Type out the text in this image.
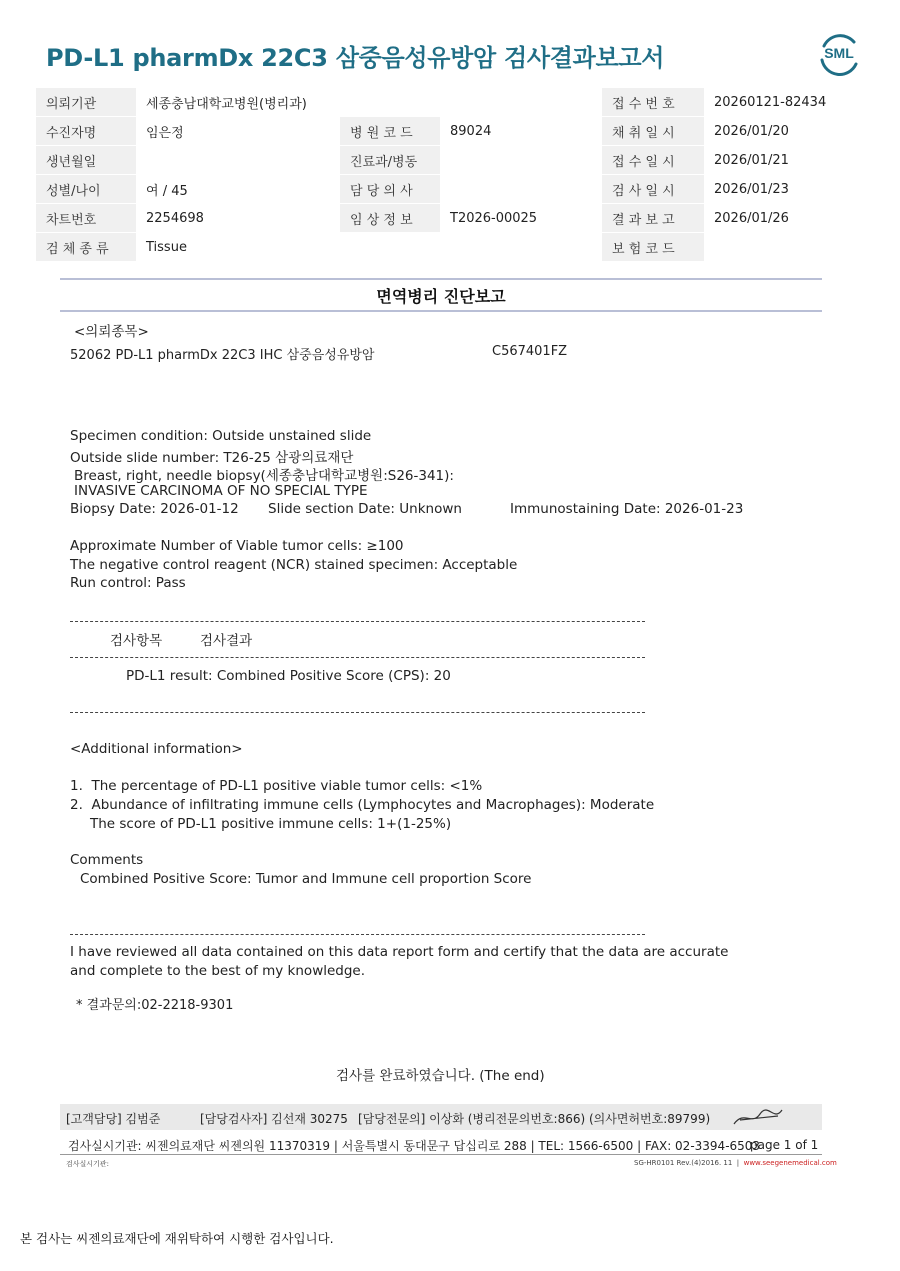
PD-L1 pharmDx 22C3 삼중음성유방암 검사결과보고서	SML
의뢰기관	세종충남대학교병원(병리과)			접 수 번 호	20260121-82434
수진자명	임은정	병 원 코 드	89024	채 취 일 시	2026/01/20
생년월일		진료과/병동		접 수 일 시	2026/01/21
성별/나이	여 / 45	담 당 의 사		검 사 일 시	2026/01/23
차트번호	2254698	임 상 정 보	T2026-00025	결 과 보 고	2026/01/26
검 체 종 류	Tissue			보 험 코 드	
면역병리 진단보고
<의뢰종목>
52062 PD-L1 pharmDx 22C3 IHC 삼중음성유방암	C567401FZ
Specimen condition: Outside unstained slide
Outside slide number: T26-25 삼광의료재단
Breast, right, needle biopsy(세종충남대학교병원:S26-341):
INVASIVE CARCINOMA OF NO SPECIAL TYPE
Biopsy Date: 2026-01-12 Slide section Date: Unknown	Immunostaining Date: 2026-01-23
Approximate Number of Viable tumor cells: ≥100
The negative control reagent (NCR) stained specimen: Acceptable
Run control: Pass
검사항목	검사결과
PD-L1 result: Combined Positive Score (CPS): 20
<Additional information>
1.  The percentage of PD-L1 positive viable tumor cells: <1%
2.  Abundance of infiltrating immune cells (Lymphocytes and Macrophages): Moderate
The score of PD-L1 positive immune cells: 1+(1-25%)
Comments
Combined Positive Score: Tumor and Immune cell proportion Score
I have reviewed all data contained on this data report form and certify that the data are accurate
and complete to the best of my knowledge.
* 결과문의:02-2218-9301
검사를 완료하였습니다. (The end)
[고객담당] 김범준	[담당검사자] 김선재 30275 [담당전문의] 이상화 (병리전문의번호:866) (의사면허번호:89799)
검사실시기관: 씨젠의료재단 씨젠의원 11370319 | 서울특별시 동대문구 답십리로 288 | TEL: 1566-6500 | FAX: 02-3394-6503
page 1 of 1
검사실시기관:	SG-HR0101 Rev.(4)2016. 11  |  www.seegenemedical.com
본 검사는 씨젠의료재단에 재위탁하여 시행한 검사입니다.
